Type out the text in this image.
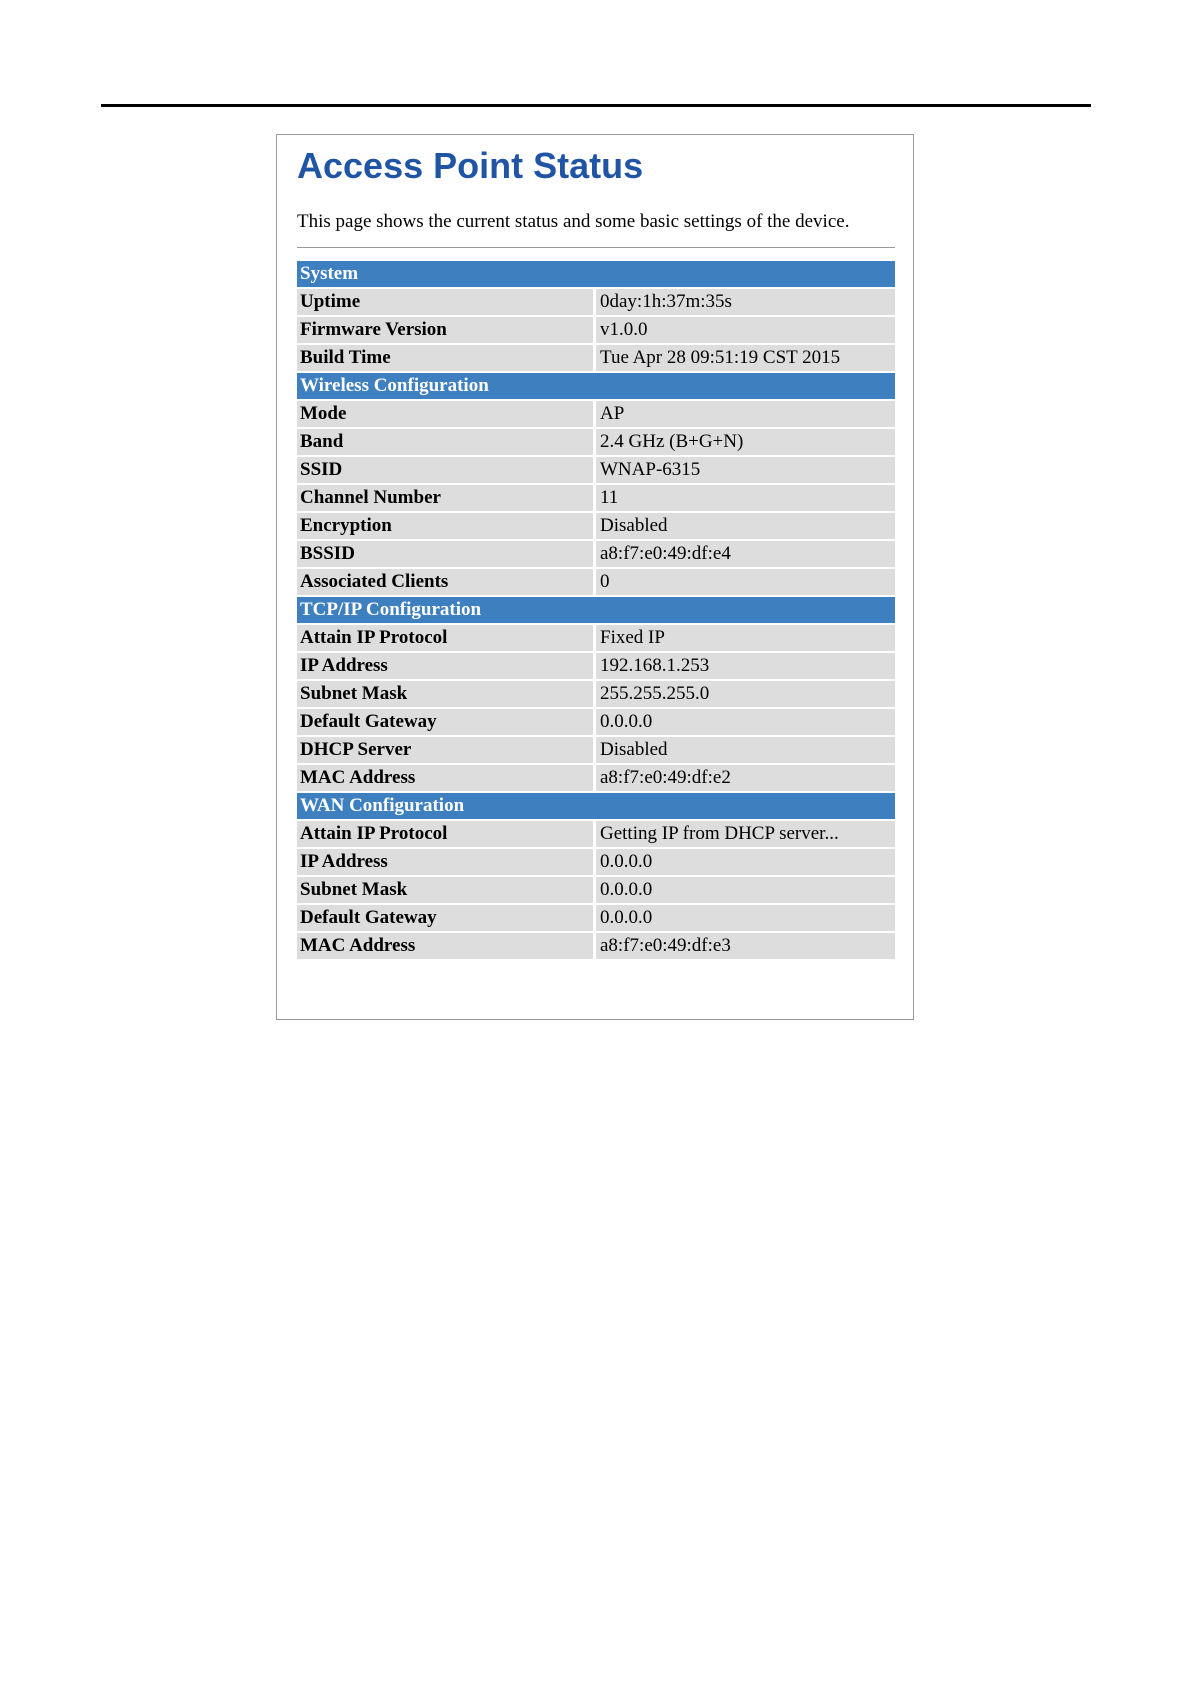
Access Point Status
This page shows the current status and some basic settings of the device.
System	
Uptime	0day:1h:37m:35s
Firmware Version	v1.0.0
Build Time	Tue Apr 28 09:51:19 CST 2015
Wireless Configuration	
Mode	AP
Band	2.4 GHz (B+G+N)
SSID	WNAP-6315
Channel Number	11
Encryption	Disabled
BSSID	a8:f7:e0:49:df:e4
Associated Clients	0
TCP/IP Configuration	
Attain IP Protocol	Fixed IP
IP Address	192.168.1.253
Subnet Mask	255.255.255.0
Default Gateway	0.0.0.0
DHCP Server	Disabled
MAC Address	a8:f7:e0:49:df:e2
WAN Configuration	
Attain IP Protocol	Getting IP from DHCP server...
IP Address	0.0.0.0
Subnet Mask	0.0.0.0
Default Gateway	0.0.0.0
MAC Address	a8:f7:e0:49:df:e3
